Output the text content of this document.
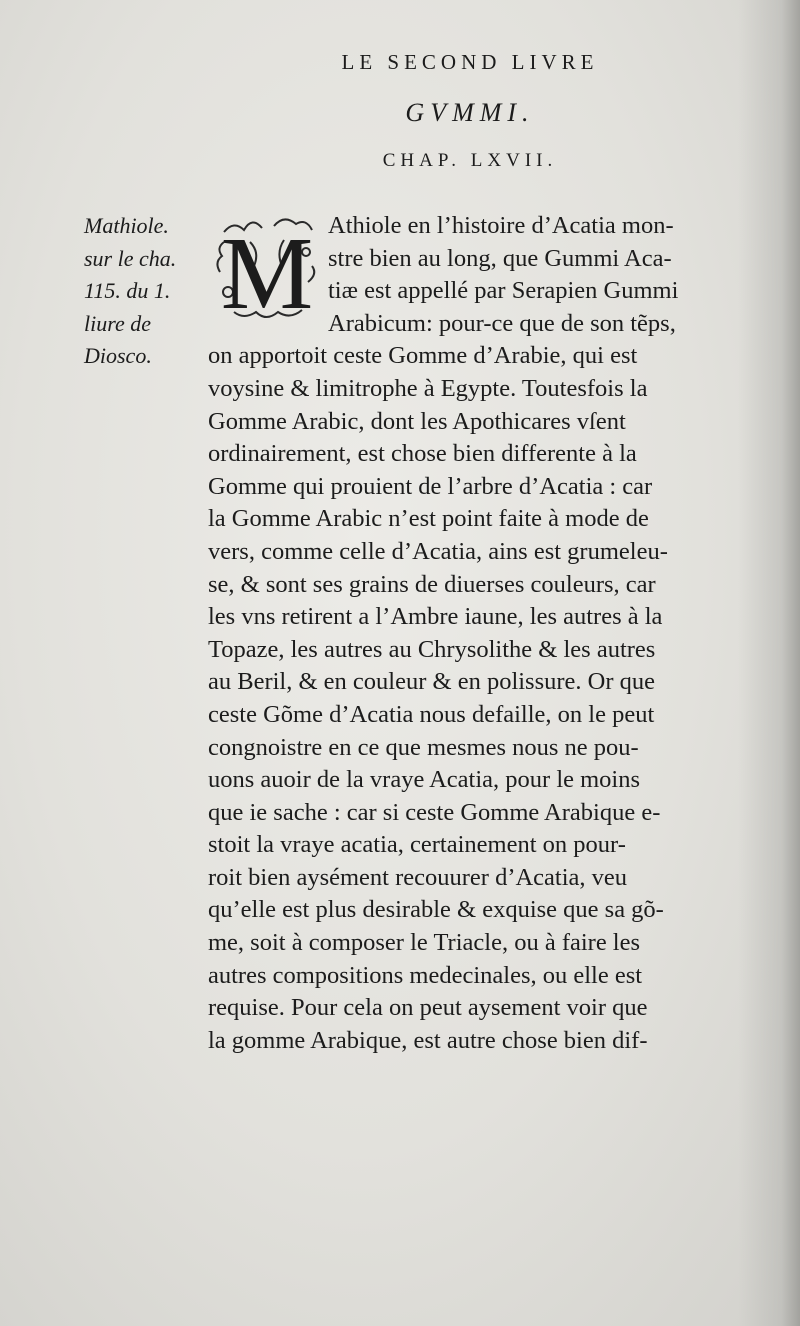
LE SECOND LIVRE
GVMMI.
CHAP. LXVII.
Mathiole.
sur le cha.
115. du 1.
liure de
Diosco.
M Athiole en l’histoire d’Acatia mon-
stre bien au long, que Gummi Aca-
tiæ est appellé par Serapien Gummi
Arabicum: pour-ce que de son tẽps,
on apportoit ceste Gomme d’Arabie, qui est
voysine & limitrophe à Egypte. Toutesfois la
Gomme Arabic, dont les Apothicares vſent
ordinairement, est chose bien differente à la
Gomme qui prouient de l’arbre d’Acatia : car
la Gomme Arabic n’est point faite à mode de
vers, comme celle d’Acatia, ains est grumeleu-
se, & sont ses grains de diuerses couleurs, car
les vns retirent a l’Ambre iaune, les autres à la
Topaze, les autres au Chrysolithe & les autres
au Beril, & en couleur & en polissure. Or que
ceste Gõme d’Acatia nous defaille, on le peut
congnoistre en ce que mesmes nous ne pou-
uons auoir de la vraye Acatia, pour le moins
que ie sache : car si ceste Gomme Arabique e-
stoit la vraye acatia, certainement on pour-
roit bien aysément recouurer d’Acatia, veu
qu’elle est plus desirable & exquise que sa gõ-
me, soit à composer le Triacle, ou à faire les
autres compositions medecinales, ou elle est
requise. Pour cela on peut aysement voir que
la gomme Arabique, est autre chose bien dif-
